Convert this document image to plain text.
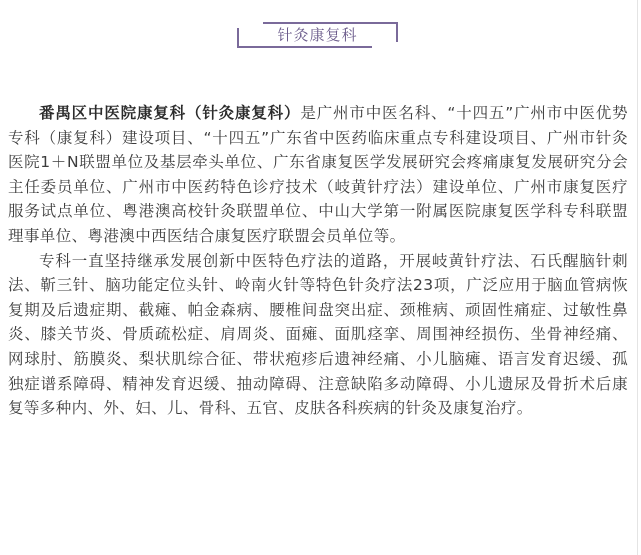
针灸康复科

番禺区中医院康复科（针灸康复科）是广州市中医名科、“十四五”广州市中医优势专科（康复科）建设项目、“十四五”广东省中医药临床重点专科建设项目、广州市针灸医院1＋N联盟单位及基层牵头单位、广东省康复医学发展研究会疼痛康复发展研究分会主任委员单位、广州市中医药特色诊疗技术（岐黄针疗法）建设单位、广州市康复医疗服务试点单位、粤港澳高校针灸联盟单位、中山大学第一附属医院康复医学科专科联盟理事单位、粤港澳中西医结合康复医疗联盟会员单位等。

专科一直坚持继承发展创新中医特色疗法的道路，开展岐黄针疗法、石氏醒脑针刺法、靳三针、脑功能定位头针、岭南火针等特色针灸疗法23项，广泛应用于脑血管病恢复期及后遗症期、截瘫、帕金森病、腰椎间盘突出症、颈椎病、顽固性痛症、过敏性鼻炎、膝关节炎、骨质疏松症、肩周炎、面瘫、面肌痉挛、周围神经损伤、坐骨神经痛、网球肘、筋膜炎、梨状肌综合征、带状疱疹后遗神经痛、小儿脑瘫、语言发育迟缓、孤独症谱系障碍、精神发育迟缓、抽动障碍、注意缺陷多动障碍、小儿遗尿及骨折术后康复等多种内、外、妇、儿、骨科、五官、皮肤各科疾病的针灸及康复治疗。
